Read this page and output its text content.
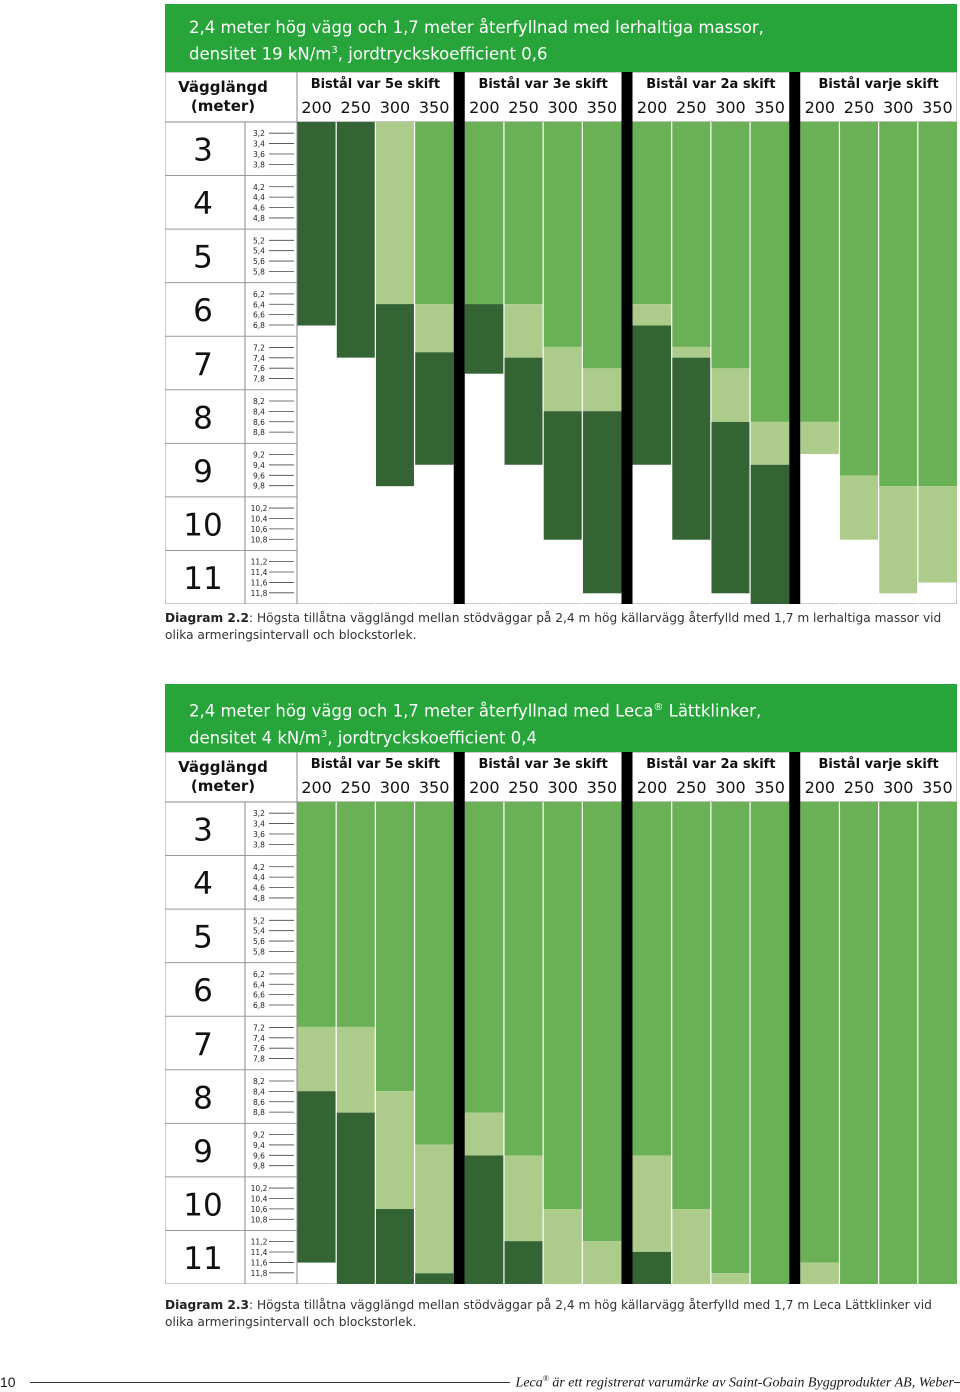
2,4 meter hög vägg och 1,7 meter återfyllnad med lerhaltiga massor,
densitet 19 $kN/m^3$, jordtryckskoefficient 0,6
Vägglängd
(meter)
Bistål var 5e skift
200 250 300 350
Bistål var 3e skift
200 250 300 350
Bistål var 2a skift
200 250 300 350
Bistål varje skift
200 250 300 350
3
4
5
6
7
8
9
10
11
3,2
3,4
3,6
3,8
4,2
4,4
4,6
4,8
5,2
5,4
5,6
5,8
6,2
6,4
6,6
6,8
7,2
7,4
7,6
7,8
8,2
8,4
8,6
8,8
9,2
9,4
9,6
9,8
10,2
10,4
10,6
10,8
11,2
11,4
11,6
11,8
Diagram 2.2: Högsta tillåtna vägglängd mellan stödväggar på 2,4 m hög källarvägg återfylld med 1,7 m lerhaltiga massor vid olika armeringsintervall och blockstorlek.
2,4 meter hög vägg och 1,7 meter återfyllnad med Leca® Lättklinker,
densitet 4 $kN/m^3$, jordtryckskoefficient 0,4
Vägglängd
(meter)
Bistål var 5e skift
200 250 300 350
Bistål var 3e skift
200 250 300 350
Bistål var 2a skift
200 250 300 350
Bistål varje skift
200 250 300 350
3
4
5
6
7
8
9
10
11
3,2
3,4
3,6
3,8
4,2
4,4
4,6
4,8
5,2
5,4
5,6
5,8
6,2
6,4
6,6
6,8
7,2
7,4
7,6
7,8
8,2
8,4
8,6
8,8
9,2
9,4
9,6
9,8
10,2
10,4
10,6
10,8
11,2
11,4
11,6
11,8
Diagram 2.3: Högsta tillåtna vägglängd mellan stödväggar på 2,4 m hög källarvägg återfylld med 1,7 m Leca Lättklinker vid olika armeringsintervall och blockstorlek.
10	Leca® är ett registrerat varumärke av Saint-Gobain Byggprodukter AB, Weber
